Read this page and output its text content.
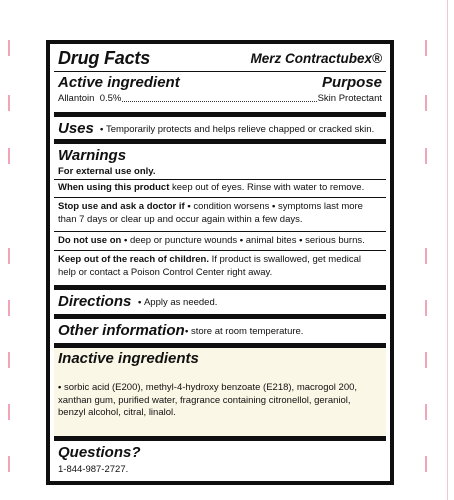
Drug Facts	Merz Contractubex®
Active ingredient	Purpose
Allantoin  0.5%	Skin Protectant
Uses	• Temporarily protects and helps relieve chapped or cracked skin.
Warnings
For external use only.
When using this product keep out of eyes. Rinse with water to remove.
Stop use and ask a doctor if • condition worsens • symptoms last more than 7 days or clear up and occur again within a few days.
Do not use on • deep or puncture wounds • animal bites • serious burns.
Keep out of the reach of children. If product is swallowed, get medical help or contact a Poison Control Center right away.
Directions	• Apply as needed.
Other information • store at room temperature.
Inactive ingredients
• sorbic acid (E200), methyl-4-hydroxy benzoate (E218), macrogol 200, xanthan gum, purified water, fragrance containing citronellol, geraniol, benzyl alcohol, citral, linalol.
Questions?
1-844-987-2727.
